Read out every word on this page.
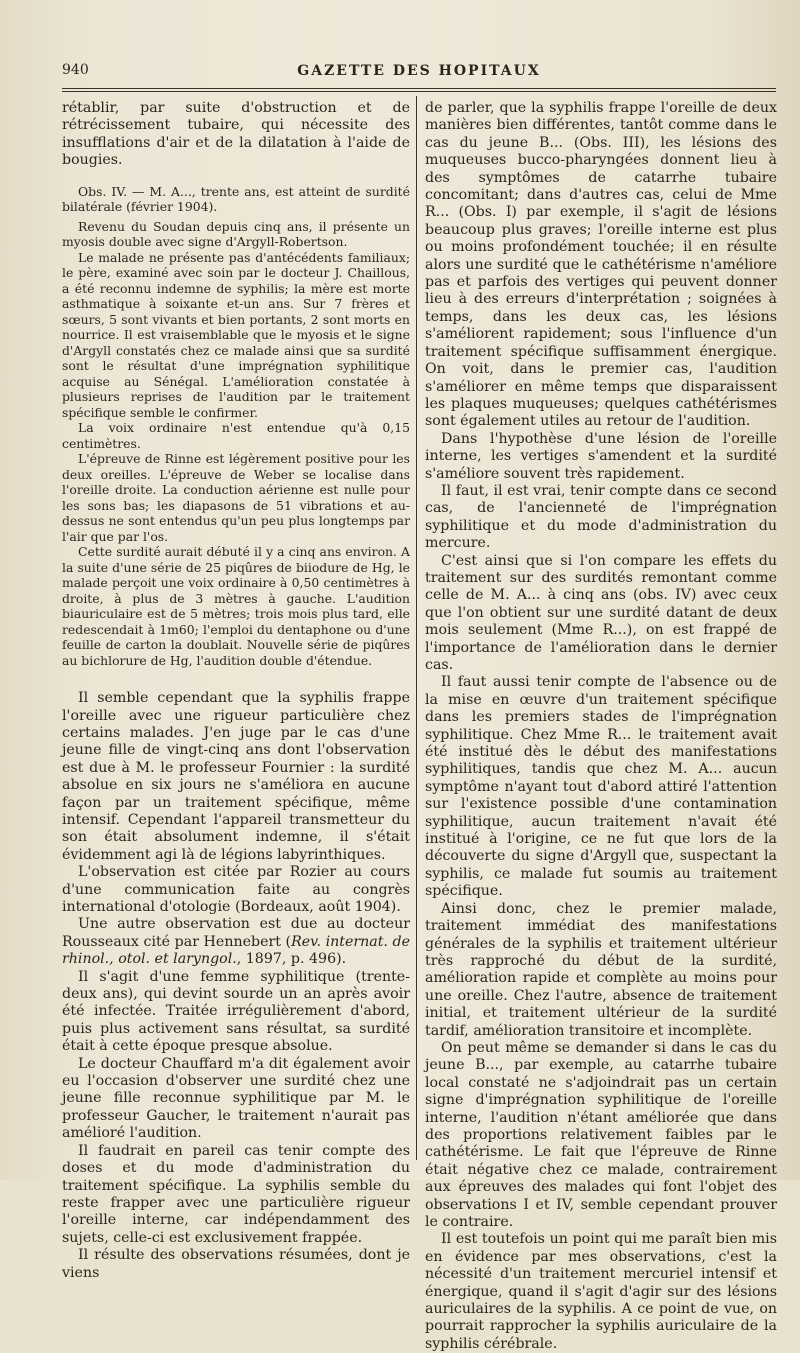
940	GAZETTE DES HOPITAUX

rétablir, par suite d'obstruction et de rétrécissement tubaire, qui nécessite des insufflations d'air et de la dilatation à l'aide de bougies.

Obs. IV. — M. A..., trente ans, est atteint de surdité bilatérale (février 1904).

Revenu du Soudan depuis cinq ans, il présente un myosis double avec signe d'Argyll-Robertson.

Le malade ne présente pas d'antécédents familiaux; le père, examiné avec soin par le docteur J. Chaillous, a été reconnu indemne de syphilis; la mère est morte asthmatique à soixante et-un ans. Sur 7 frères et sœurs, 5 sont vivants et bien portants, 2 sont morts en nourrice. Il est vraisemblable que le myosis et le signe d'Argyll constatés chez ce malade ainsi que sa surdité sont le résultat d'une imprégnation syphilitique acquise au Sénégal. L'amélioration constatée à plusieurs reprises de l'audition par le traitement spécifique semble le confirmer.

La voix ordinaire n'est entendue qu'à 0,15 centimètres.

L'épreuve de Rinne est légèrement positive pour les deux oreilles. L'épreuve de Weber se localise dans l'oreille droite. La conduction aérienne est nulle pour les sons bas; les diapasons de 51 vibrations et au-dessus ne sont entendus qu'un peu plus longtemps par l'air que par l'os.

Cette surdité aurait débuté il y a cinq ans environ. A la suite d'une série de 25 piqûres de biiodure de Hg, le malade perçoit une voix ordinaire à 0,50 centimètres à droite, à plus de 3 mètres à gauche. L'audition biauriculaire est de 5 mètres; trois mois plus tard, elle redescendait à 1m60; l'emploi du dentaphone ou d'une feuille de carton la doublait. Nouvelle série de piqûres au bichlorure de Hg, l'audition double d'étendue.

Il semble cependant que la syphilis frappe l'oreille avec une rigueur particulière chez certains malades. J'en juge par le cas d'une jeune fille de vingt-cinq ans dont l'observation est due à M. le professeur Fournier : la surdité absolue en six jours ne s'améliora en aucune façon par un traitement spécifique, même intensif. Cependant l'appareil transmetteur du son était absolument indemne, il s'était évidemment agi là de légions labyrinthiques.

L'observation est citée par Rozier au cours d'une communication faite au congrès international d'otologie (Bordeaux, août 1904).

Une autre observation est due au docteur Rousseaux cité par Hennebert (Rev. internat. de rhinol., otol. et laryngol., 1897, p. 496).

Il s'agit d'une femme syphilitique (trente-deux ans), qui devint sourde un an après avoir été infectée. Traitée irrégulièrement d'abord, puis plus activement sans résultat, sa surdité était à cette époque presque absolue.

Le docteur Chauffard m'a dit également avoir eu l'occasion d'observer une surdité chez une jeune fille reconnue syphilitique par M. le professeur Gaucher, le traitement n'aurait pas amélioré l'audition.

Il faudrait en pareil cas tenir compte des doses et du mode d'administration du traitement spécifique. La syphilis semble du reste frapper avec une particulière rigueur l'oreille interne, car indépendamment des sujets, celle-ci est exclusivement frappée.

Il résulte des observations résumées, dont je viens

de parler, que la syphilis frappe l'oreille de deux manières bien différentes, tantôt comme dans le cas du jeune B... (Obs. III), les lésions des muqueuses bucco-pharyngées donnent lieu à des symptômes de catarrhe tubaire concomitant; dans d'autres cas, celui de Mme R... (Obs. I) par exemple, il s'agit de lésions beaucoup plus graves; l'oreille interne est plus ou moins profondément touchée; il en résulte alors une surdité que le cathétérisme n'améliore pas et parfois des vertiges qui peuvent donner lieu à des erreurs d'interprétation ; soignées à temps, dans les deux cas, les lésions s'améliorent rapidement; sous l'influence d'un traitement spécifique suffisamment énergique. On voit, dans le premier cas, l'audition s'améliorer en même temps que disparaissent les plaques muqueuses; quelques cathétérismes sont également utiles au retour de l'audition.

Dans l'hypothèse d'une lésion de l'oreille interne, les vertiges s'amendent et la surdité s'améliore souvent très rapidement.

Il faut, il est vrai, tenir compte dans ce second cas, de l'ancienneté de l'imprégnation syphilitique et du mode d'administration du mercure.

C'est ainsi que si l'on compare les effets du traitement sur des surdités remontant comme celle de M. A... à cinq ans (obs. IV) avec ceux que l'on obtient sur une surdité datant de deux mois seulement (Mme R...), on est frappé de l'importance de l'amélioration dans le dernier cas.

Il faut aussi tenir compte de l'absence ou de la mise en œuvre d'un traitement spécifique dans les premiers stades de l'imprégnation syphilitique. Chez Mme R... le traitement avait été institué dès le début des manifestations syphilitiques, tandis que chez M. A... aucun symptôme n'ayant tout d'abord attiré l'attention sur l'existence possible d'une contamination syphilitique, aucun traitement n'avait été institué à l'origine, ce ne fut que lors de la découverte du signe d'Argyll que, suspectant la syphilis, ce malade fut soumis au traitement spécifique.

Ainsi donc, chez le premier malade, traitement immédiat des manifestations générales de la syphilis et traitement ultérieur très rapproché du début de la surdité, amélioration rapide et complète au moins pour une oreille. Chez l'autre, absence de traitement initial, et traitement ultérieur de la surdité tardif, amélioration transitoire et incomplète.

On peut même se demander si dans le cas du jeune B..., par exemple, au catarrhe tubaire local constaté ne s'adjoindrait pas un certain signe d'imprégnation syphilitique de l'oreille interne, l'audition n'étant améliorée que dans des proportions relativement faibles par le cathétérisme. Le fait que l'épreuve de Rinne était négative chez ce malade, contrairement aux épreuves des malades qui font l'objet des observations I et IV, semble cependant prouver le contraire.

Il est toutefois un point qui me paraît bien mis en évidence par mes observations, c'est la nécessité d'un traitement mercuriel intensif et énergique, quand il s'agit d'agir sur des lésions auriculaires de la syphilis. A ce point de vue, on pourrait rapprocher la syphilis auriculaire de la syphilis cérébrale.
